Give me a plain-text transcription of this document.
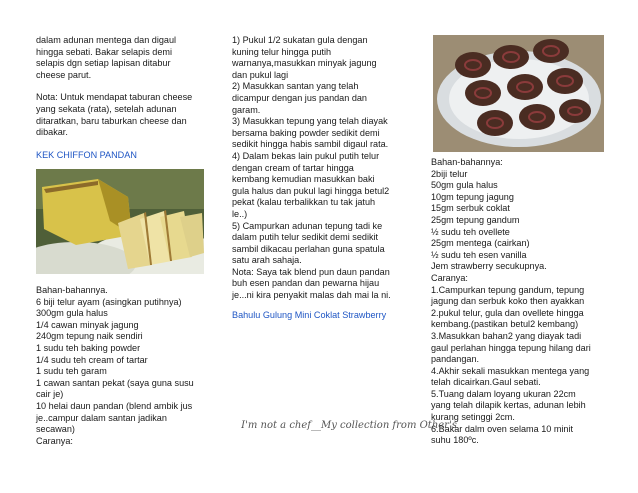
dalam adunan mentega dan digaul
hingga sebati. Bakar selapis demi
selapis dgn setiap lapisan ditabur
cheese parut.

Nota: Untuk mendapat taburan cheese
yang sekata (rata), setelah adunan
ditaratkan, baru taburkan cheese dan
dibakar.

KEK CHIFFON PANDAN

Bahan-bahannya.
6 biji telur ayam (asingkan putihnya)
300gm gula halus
1/4 cawan minyak jagung
240gm tepung naik sendiri
1 sudu teh baking powder
1/4 sudu teh cream of tartar
1 sudu teh garam
1 cawan santan pekat (saya guna susu
cair je)
10 helai daun pandan (blend ambik jus
je..campur dalam santan jadikan
secawan)
Caranya:

1) Pukul 1/2 sukatan gula dengan
kuning telur hingga putih
warnanya,masukkan minyak jagung
dan pukul lagi
2) Masukkan santan yang telah
dicampur dengan jus pandan dan
garam.
3) Masukkan tepung yang telah diayak
bersama baking powder sedikit demi
sedikit hingga habis sambil digaul rata.
4) Dalam bekas lain pukul putih telur
dengan cream of tartar hingga
kembang kemudian masukkan baki
gula halus dan pukul lagi hingga betul2
pekat (kalau terbalikkan tu tak jatuh
le..)
5) Campurkan adunan tepung tadi ke
dalam putih telur sedikit demi sedikit
sambil dikacau perlahan guna spatula
satu arah sahaja.
Nota: Saya tak blend pun daun pandan
buh esen pandan dan pewarna hijau
je...ni kira penyakit malas dah mai la ni.

Bahulu Gulung Mini Coklat Strawberry

Bahan-bahannya:
2biji telur
50gm gula halus
10gm tepung jagung
15gm serbuk coklat
25gm tepung gandum
½ sudu teh ovellete
25gm mentega (cairkan)
½ sudu teh esen vanilla
Jem strawberry secukupnya.
Caranya:
1.Campurkan tepung gandum, tepung
jagung dan serbuk koko then ayakkan
2.pukul telur, gula dan ovellete hingga
kembang.(pastikan betul2 kembang)
3.Masukkan bahan2 yang diayak tadi
gaul perlahan hingga tepung hilang dari
pandangan.
4.Akhir sekali masukkan mentega yang
telah dicairkan.Gaul sebati.
5.Tuang dalam loyang ukuran 22cm
yang telah dilapik kertas, adunan lebih
kurang setinggi 2cm.
6.Bakar dalm oven selama 10 minit
suhu 180ºc.

I'm not a chef__My collection from Other's
